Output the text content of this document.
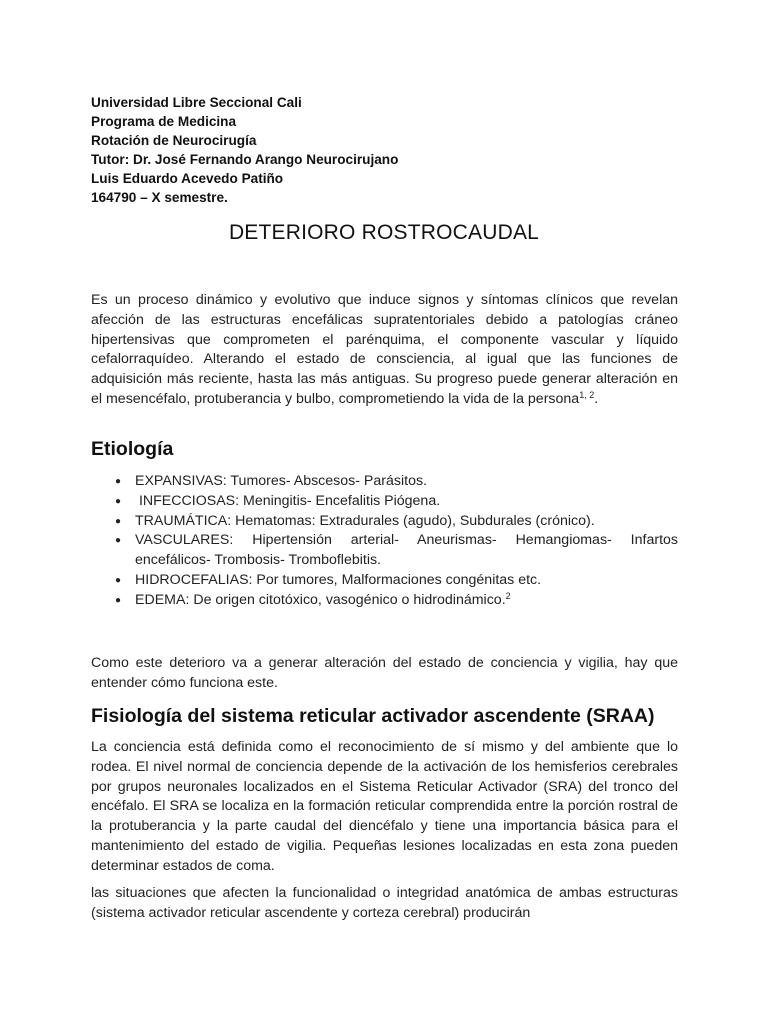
Universidad Libre Seccional Cali
Programa de Medicina
Rotación de Neurocirugía
Tutor: Dr. José Fernando Arango Neurocirujano
Luis Eduardo Acevedo Patiño
164790 – X semestre.
DETERIORO ROSTROCAUDAL
Es un proceso dinámico y evolutivo que induce signos y síntomas clínicos que revelan afección de las estructuras encefálicas supratentoriales debido a patologías cráneo hipertensivas que comprometen el parénquima, el componente vascular y líquido cefalorraquídeo. Alterando el estado de consciencia, al igual que las funciones de adquisición más reciente, hasta las más antiguas. Su progreso puede generar alteración en el mesencéfalo, protuberancia y bulbo, comprometiendo la vida de la persona$^{1, 2}$.
Etiología
● EXPANSIVAS: Tumores- Abscesos- Parásitos.
● INFECCIOSAS: Meningitis- Encefalitis Piógena.
● TRAUMÁTICA: Hematomas: Extradurales (agudo), Subdurales (crónico).
● VASCULARES: Hipertensión arterial- Aneurismas- Hemangiomas- Infartos encefálicos- Trombosis- Tromboflebitis.
● HIDROCEFALIAS: Por tumores, Malformaciones congénitas etc.
● EDEMA: De origen citotóxico, vasogénico o hidrodinámico.$^2$
Como este deterioro va a generar alteración del estado de conciencia y vigilia, hay que entender cómo funciona este.
Fisiología del sistema reticular activador ascendente (SRAA)
La conciencia está definida como el reconocimiento de sí mismo y del ambiente que lo rodea. El nivel normal de conciencia depende de la activación de los hemisferios cerebrales por grupos neuronales localizados en el Sistema Reticular Activador (SRA) del tronco del encéfalo. El SRA se localiza en la formación reticular comprendida entre la porción rostral de la protuberancia y la parte caudal del diencéfalo y tiene una importancia básica para el mantenimiento del estado de vigilia. Pequeñas lesiones localizadas en esta zona pueden determinar estados de coma.
las situaciones que afecten la funcionalidad o integridad anatómica de ambas estructuras (sistema activador reticular ascendente y corteza cerebral) producirán
